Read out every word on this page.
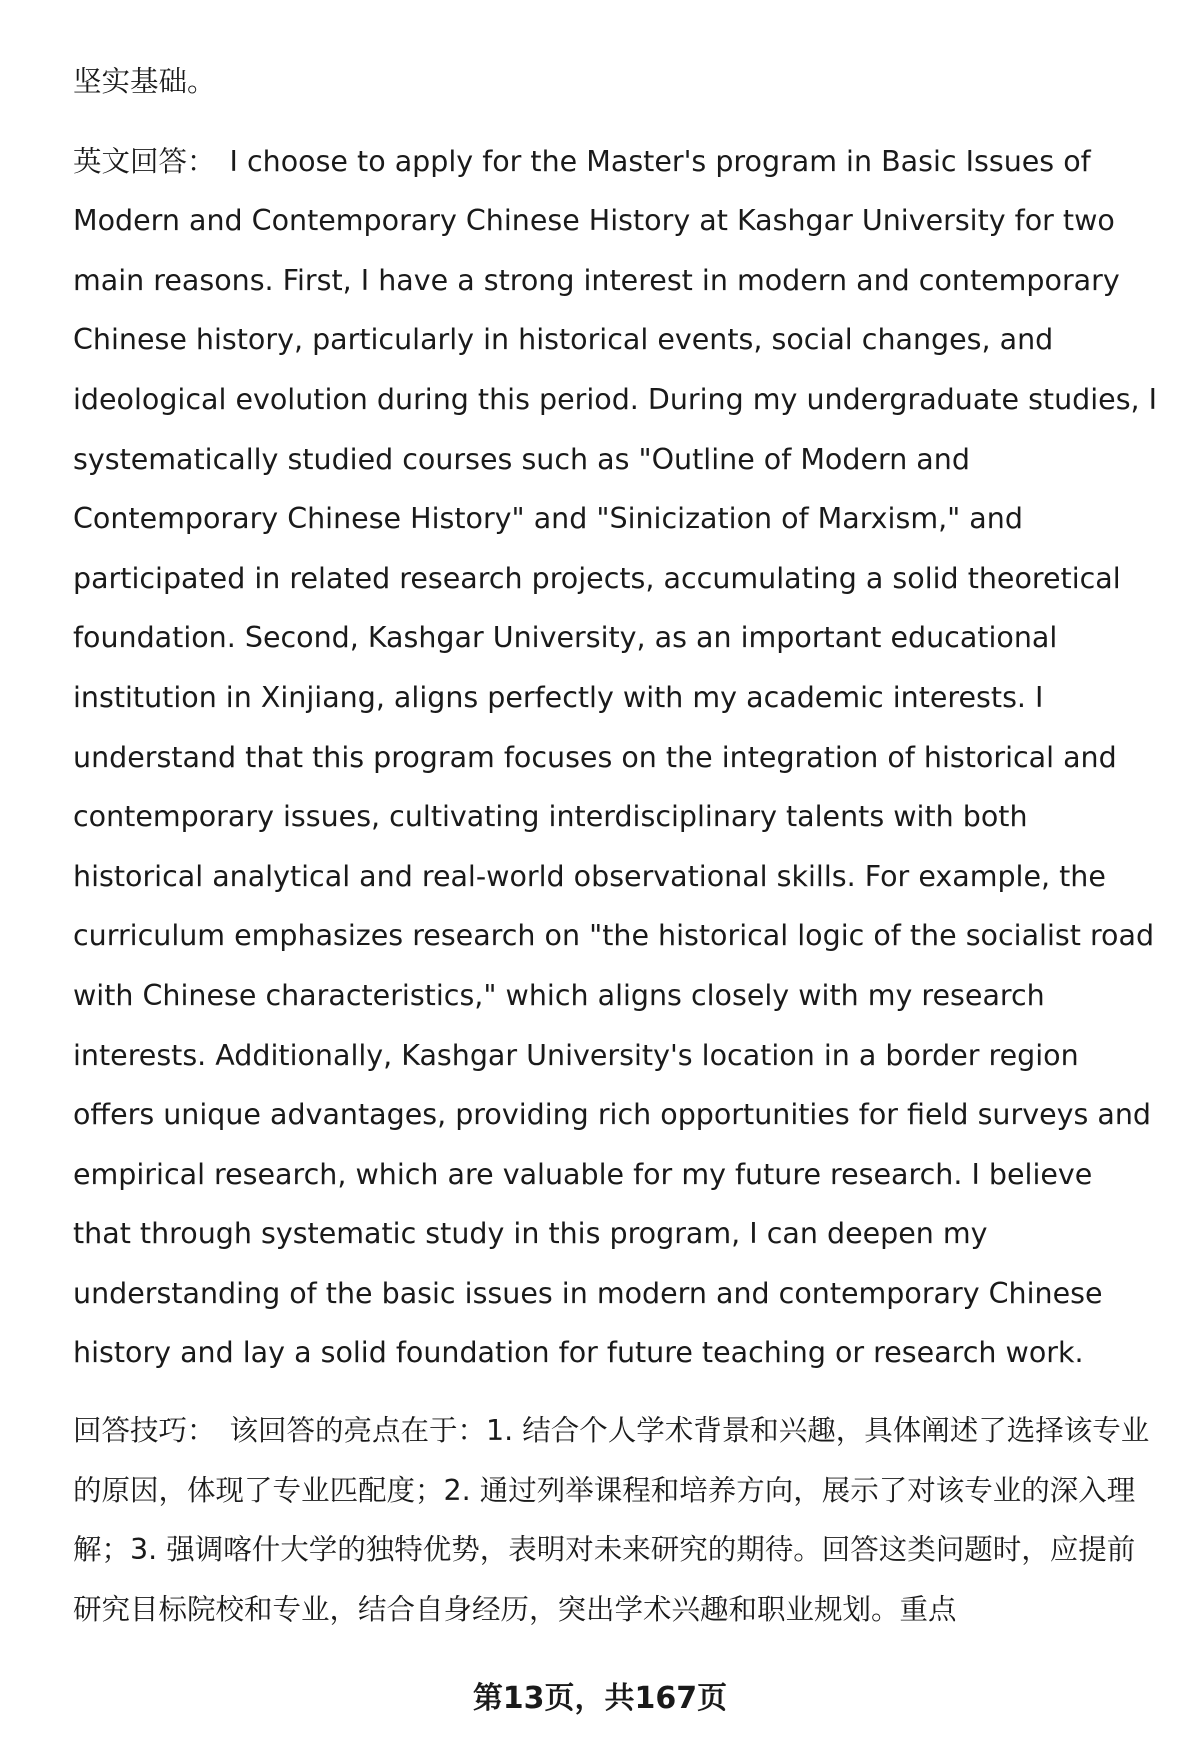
坚实基础。

英文回答： I choose to apply for the Master's program in Basic Issues of Modern and Contemporary Chinese History at Kashgar University for two main reasons. First, I have a strong interest in modern and contemporary Chinese history, particularly in historical events, social changes, and ideological evolution during this period. During my undergraduate studies, I systematically studied courses such as "Outline of Modern and Contemporary Chinese History" and "Sinicization of Marxism," and participated in related research projects, accumulating a solid theoretical foundation. Second, Kashgar University, as an important educational institution in Xinjiang, aligns perfectly with my academic interests. I understand that this program focuses on the integration of historical and contemporary issues, cultivating interdisciplinary talents with both historical analytical and real-world observational skills. For example, the curriculum emphasizes research on "the historical logic of the socialist road with Chinese characteristics," which aligns closely with my research interests. Additionally, Kashgar University's location in a border region offers unique advantages, providing rich opportunities for field surveys and empirical research, which are valuable for my future research. I believe that through systematic study in this program, I can deepen my understanding of the basic issues in modern and contemporary Chinese history and lay a solid foundation for future teaching or research work.

回答技巧： 该回答的亮点在于：1. 结合个人学术背景和兴趣，具体阐述了选择该专业的原因，体现了专业匹配度；2. 通过列举课程和培养方向，展示了对该专业的深入理解；3. 强调喀什大学的独特优势，表明对未来研究的期待。回答这类问题时，应提前研究目标院校和专业，结合自身经历，突出学术兴趣和职业规划。重点

第13页，共167页
